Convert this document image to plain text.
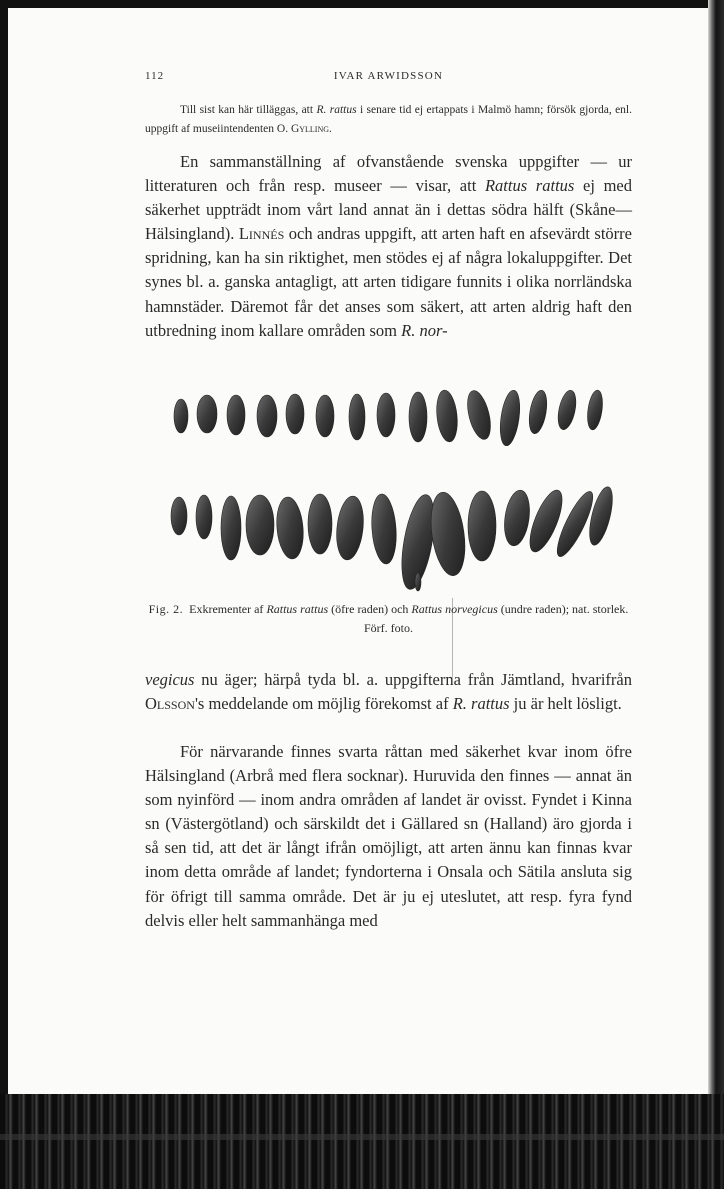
112	IVAR ARWIDSSON
Till sist kan här tilläggas, att R. rattus i senare tid ej ertappats i Malmö hamn; försök gjorda, enl. uppgift af museiintendenten O. Gylling.
En sammanställning af ofvanstående svenska uppgifter — ur litteraturen och från resp. museer — visar, att Rattus rattus ej med säkerhet uppträdt inom vårt land annat än i dettas södra hälft (Skåne—Hälsingland). Linnés och andras uppgift, att arten haft en afsevärdt större spridning, kan ha sin riktighet, men stödes ej af några lokaluppgifter. Det synes bl. a. ganska antagligt, att arten tidigare funnits i olika norrländska hamnstäder. Däremot får det anses som säkert, att arten aldrig haft den utbredning inom kallare områden som R. nor-
Fig. 2. Exkrementer af Rattus rattus (öfre raden) och Rattus norvegicus (undre raden); nat. storlek. Förf. foto.
vegicus nu äger; härpå tyda bl. a. uppgifterna från Jämtland, hvarifrån Olsson's meddelande om möjlig förekomst af R. rattus ju är helt lösligt.
För närvarande finnes svarta råttan med säkerhet kvar inom öfre Hälsingland (Arbrå med flera socknar). Huruvida den finnes — annat än som nyinförd — inom andra områden af landet är ovisst. Fyndet i Kinna sn (Västergötland) och särskildt det i Gällared sn (Halland) äro gjorda i så sen tid, att det är långt ifrån omöjligt, att arten ännu kan finnas kvar inom detta område af landet; fyndorterna i Onsala och Sätila ansluta sig för öfrigt till samma område. Det är ju ej uteslutet, att resp. fyra fynd delvis eller helt sammanhänga med
